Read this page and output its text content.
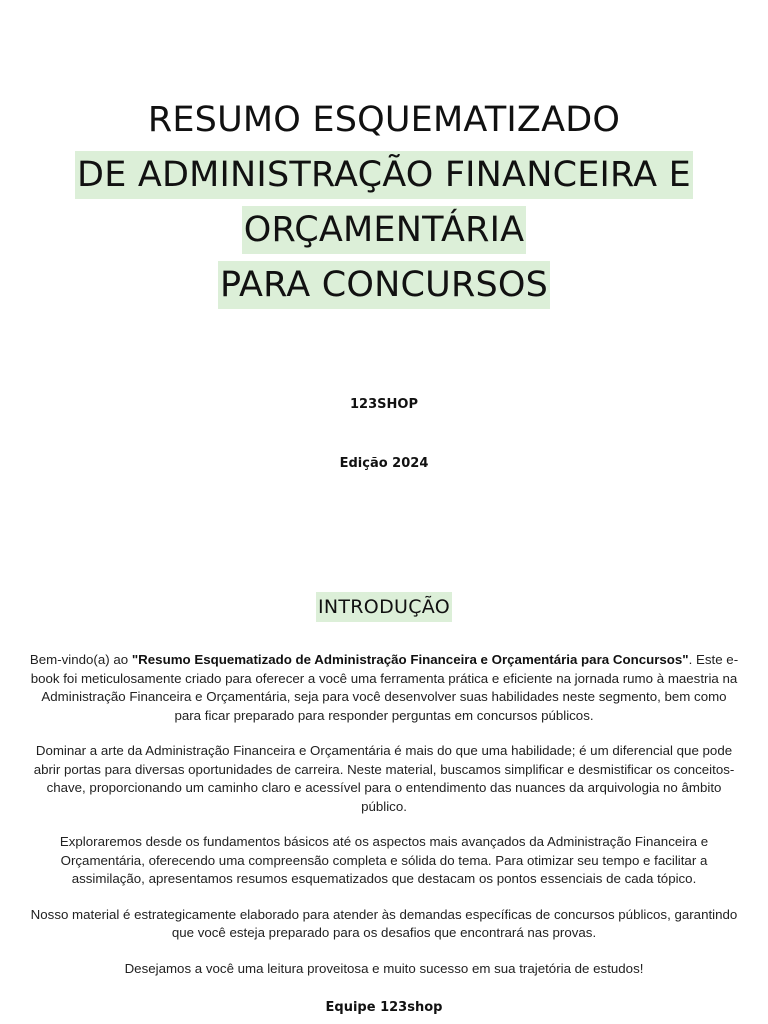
RESUMO ESQUEMATIZADO
DE ADMINISTRAÇÃO FINANCEIRA E
ORÇAMENTÁRIA
PARA CONCURSOS
123SHOP
Edição 2024
INTRODUÇÃO

Bem-vindo(a) ao "Resumo Esquematizado de Administração Financeira e Orçamentária para Concursos". Este e-book foi meticulosamente criado para oferecer a você uma ferramenta prática e eficiente na jornada rumo à maestria na Administração Financeira e Orçamentária, seja para você desenvolver suas habilidades neste segmento, bem como para ficar preparado para responder perguntas em concursos públicos.

Dominar a arte da Administração Financeira e Orçamentária é mais do que uma habilidade; é um diferencial que pode abrir portas para diversas oportunidades de carreira. Neste material, buscamos simplificar e desmistificar os conceitos-chave, proporcionando um caminho claro e acessível para o entendimento das nuances da arquivologia no âmbito público.

Exploraremos desde os fundamentos básicos até os aspectos mais avançados da Administração Financeira e Orçamentária, oferecendo uma compreensão completa e sólida do tema. Para otimizar seu tempo e facilitar a assimilação, apresentamos resumos esquematizados que destacam os pontos essenciais de cada tópico.

Nosso material é estrategicamente elaborado para atender às demandas específicas de concursos públicos, garantindo que você esteja preparado para os desafios que encontrará nas provas.

Desejamos a você uma leitura proveitosa e muito sucesso em sua trajetória de estudos!

Equipe 123shop
